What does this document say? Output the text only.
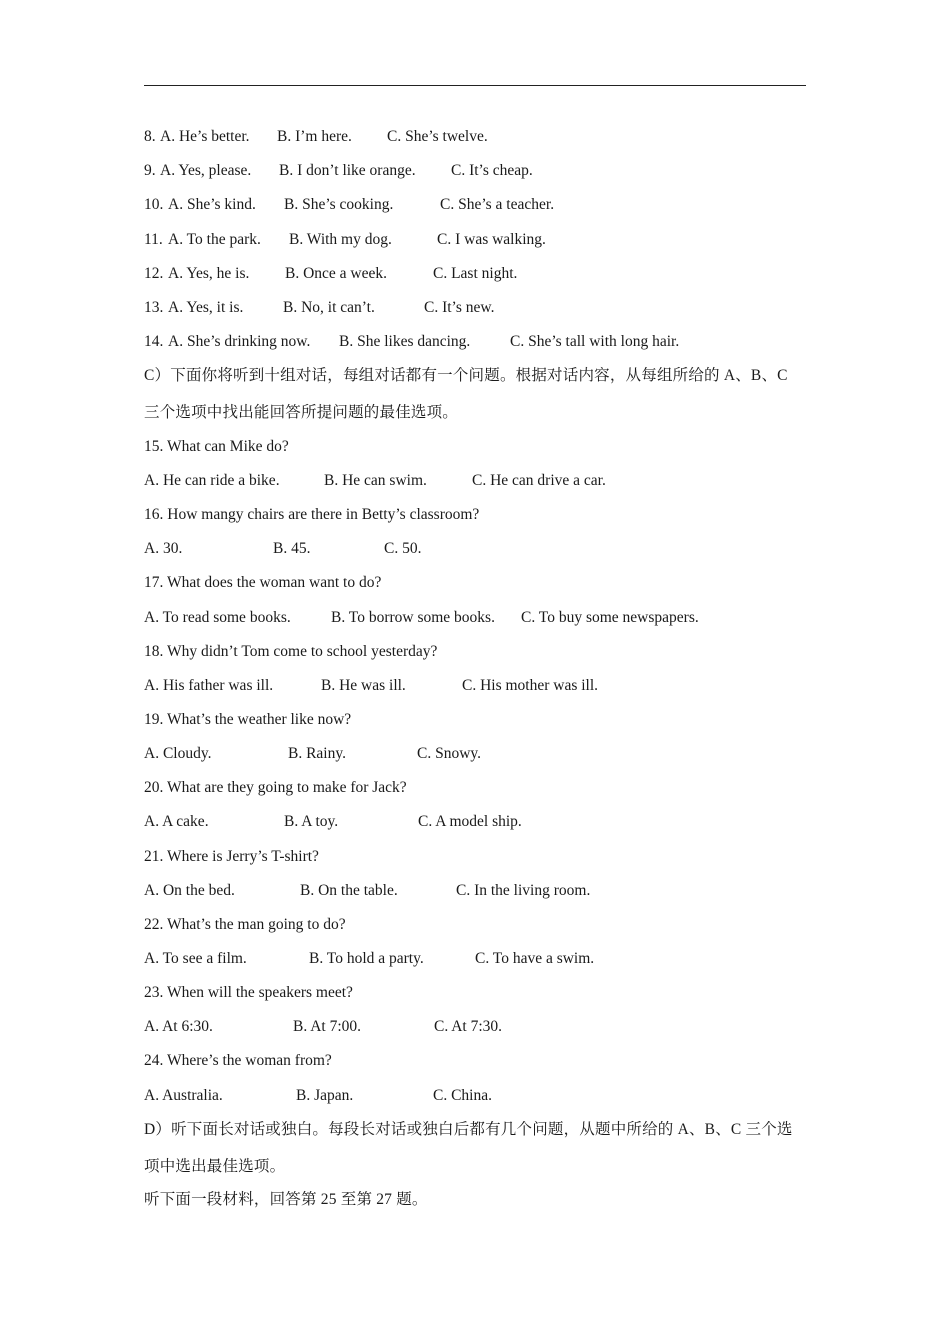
8. A. He’s better. B. I’m here. C. She’s twelve.
9. A. Yes, please. B. I don’t like orange. C. It’s cheap.
10. A. She’s kind. B. She’s cooking.	C. She’s a teacher.
11. A. To the park. B. With my dog.	C. I was walking.
12. A. Yes, he is. B. Once a week.	C. Last night.
13. A. Yes, it is.	B. No, it can’t.	C. It’s new.
14. A. She’s drinking now. B. She likes dancing.	C. She’s tall with long hair.
C）下面你将听到十组对话，每组对话都有一个问题。根据对话内容，从每组所给的 A、B、C
三个选项中找出能回答所提问题的最佳选项。
15. What can Mike do?
A. He can ride a bike.	B. He can swim.	C. He can drive a car.
16. How mangy chairs are there in Betty’s classroom?
A. 30.	B. 45.	C. 50.
17. What does the woman want to do?
A. To read some books.	B. To borrow some books. C. To buy some newspapers.
18. Why didn’t Tom come to school yesterday?
A. His father was ill.	B. He was ill.	C. His mother was ill.
19. What’s the weather like now?
A. Cloudy.	B. Rainy.	C. Snowy.
20. What are they going to make for Jack?
A. A cake.	B. A toy.	C. A model ship.
21. Where is Jerry’s T-shirt?
A. On the bed.	B. On the table.	C. In the living room.
22. What’s the man going to do?
A. To see a film.	B. To hold a party.	C. To have a swim.
23. When will the speakers meet?
A. At 6:30.	B. At 7:00.	C. At 7:30.
24. Where’s the woman from?
A. Australia.	B. Japan.	C. China.
D）听下面长对话或独白。每段长对话或独白后都有几个问题，从题中所给的 A、B、C 三个选
项中选出最佳选项。
听下面一段材料，回答第 25 至第 27 题。
